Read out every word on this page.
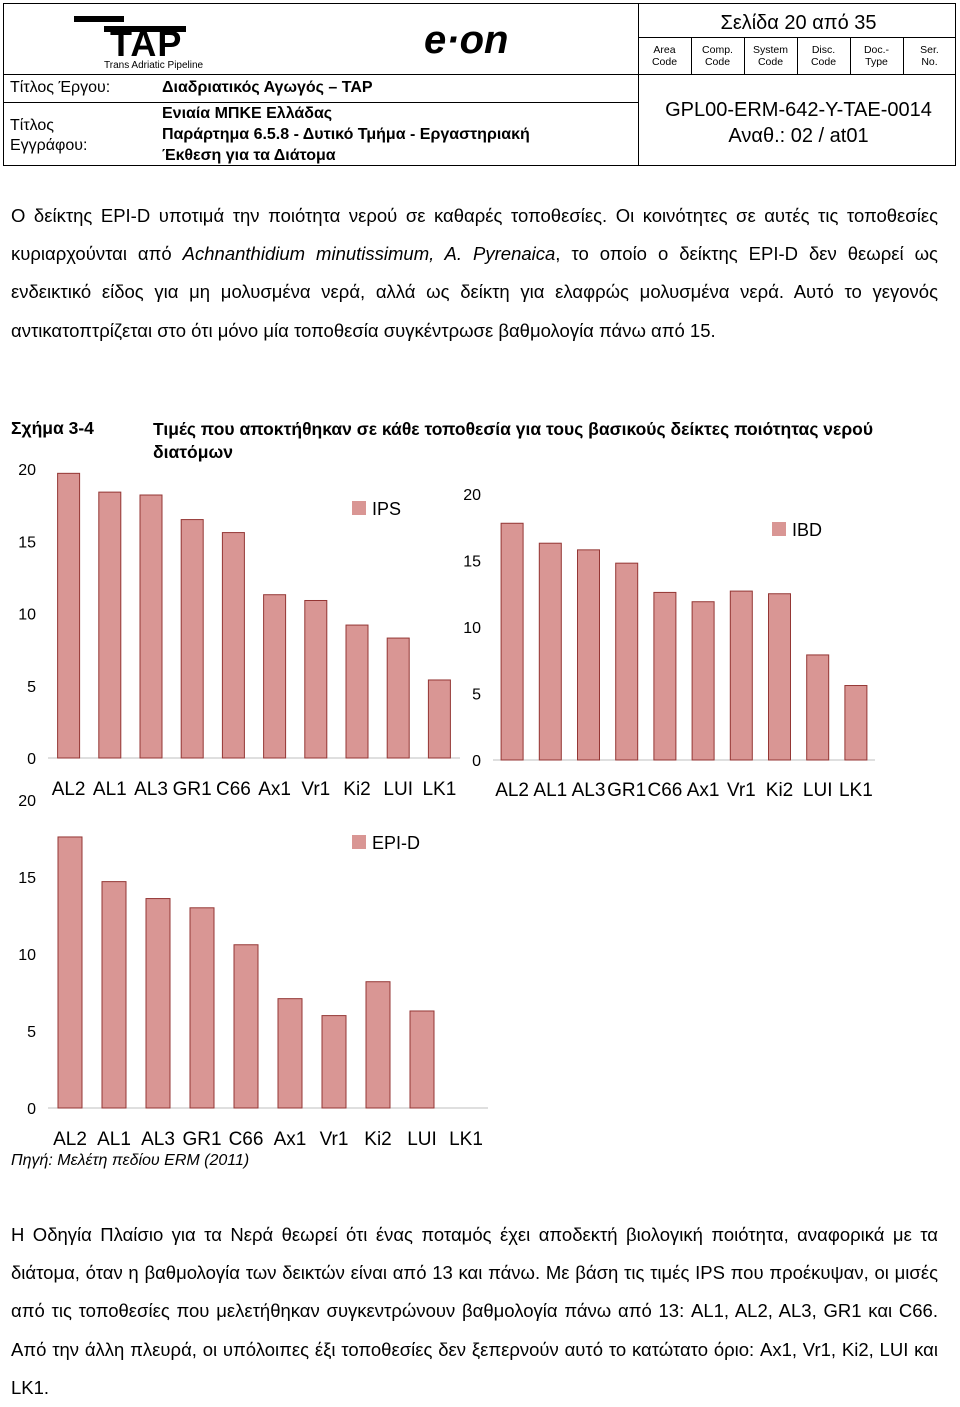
TAP
Trans Adriatic Pipeline
e·on	Σελίδα 20 από 35
Area
Code
Comp.
Code
System
Code
Disc.
Code
Doc.-
Type
Ser.
No.
Τίτλος Έργου:	Διαδριατικός Αγωγός – TAP
Τίτλος
Εγγράφου:
Ενιαία ΜΠΚΕ Ελλάδας
Παράρτημα 6.5.8 - Δυτικό Τμήμα - Εργαστηριακή
Έκθεση για τα Διάτομα
GPL00-ERM-642-Y-TAE-0014
Αναθ.: 02 / at01
Ο δείκτης EPI-D υποτιμά την ποιότητα νερού σε καθαρές τοποθεσίες. Οι κοινότητες σε αυτές τις τοποθεσίες κυριαρχούνται από Achnanthidium minutissimum, A. Pyrenaica, το οποίο ο δείκτης EPI-D δεν θεωρεί ως ενδεικτικό είδος για μη μολυσμένα νερά, αλλά ως δείκτη για ελαφρώς μολυσμένα νερά. Αυτό το γεγονός αντικατοπτρίζεται στο ότι μόνο μία τοποθεσία συγκέντρωσε βαθμολογία πάνω από 15.
Σχήμα 3-4	Τιμές που αποκτήθηκαν σε κάθε τοποθεσία για τους βασικούς δείκτες ποιότητας νερού διατόμων
0
5
10
15
20
AL2 AL1 AL3 GR1 C66 Ax1 Vr1 Ki2 LUI LK1
IPS
0
5
10
15
20
AL2 AL1 AL3 GR1 C66 Ax1 Vr1 Ki2 LUI LK1
IBD
0
5
10
15
20
AL2 AL1 AL3 GR1 C66 Ax1 Vr1 Ki2 LUI LK1
EPI-D
Πηγή: Μελέτη πεδίου ERM (2011)
Η Οδηγία Πλαίσιο για τα Νερά θεωρεί ότι ένας ποταμός έχει αποδεκτή βιολογική ποιότητα, αναφορικά με τα διάτομα, όταν η βαθμολογία των δεικτών είναι από 13 και πάνω. Με βάση τις τιμές IPS που προέκυψαν, οι μισές από τις τοποθεσίες που μελετήθηκαν συγκεντρώνουν βαθμολογία πάνω από 13: AL1, AL2, AL3, GR1 και C66. Από την άλλη πλευρά, οι υπόλοιπες έξι τοποθεσίες δεν ξεπερνούν αυτό το κατώτατο όριο: Ax1, Vr1, Ki2, LUI και LK1.
